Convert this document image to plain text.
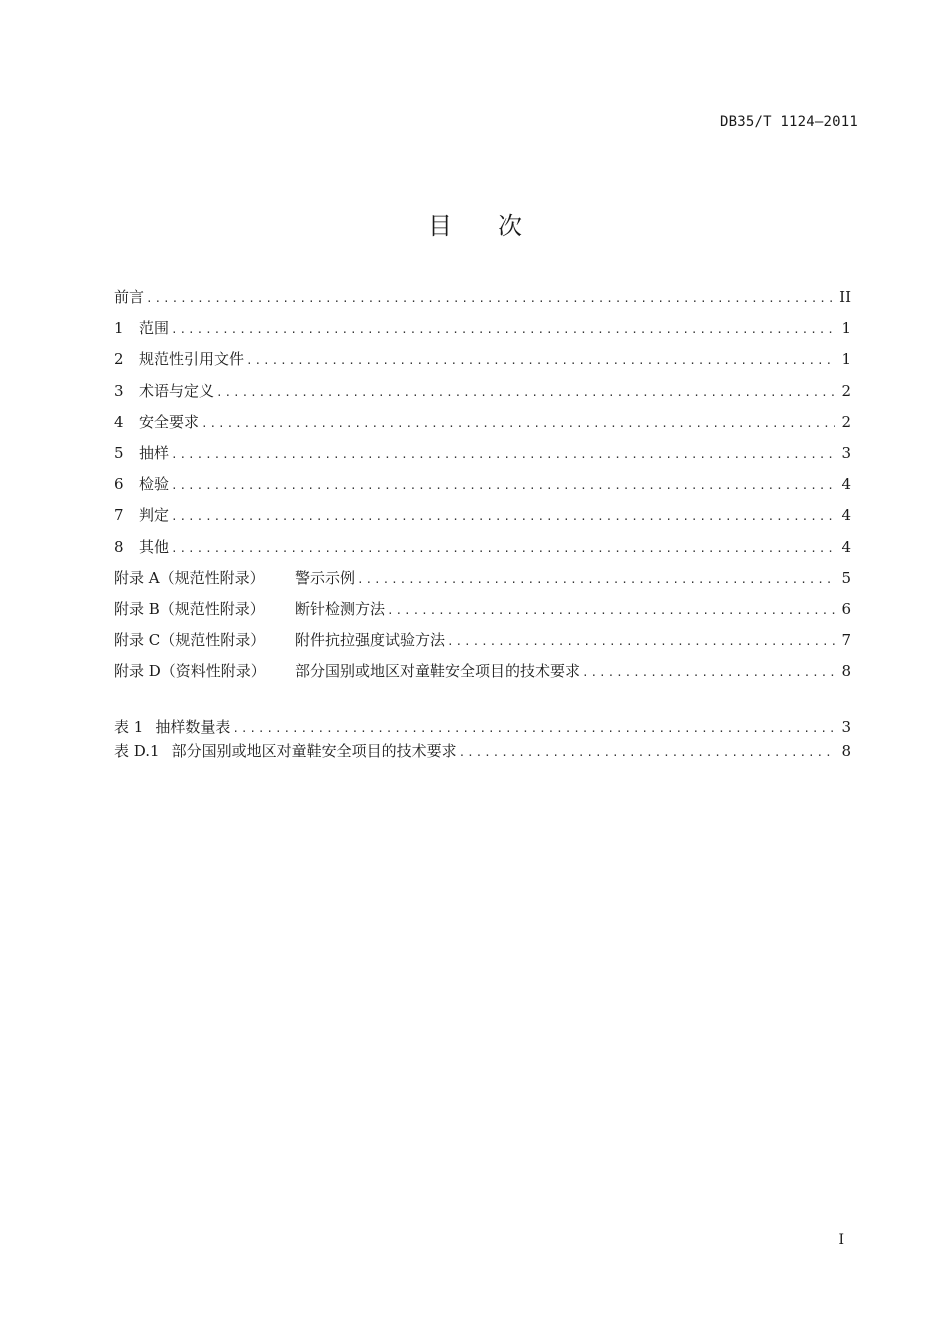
DB35/T 1124—2011
目 次
前言 .....	II
1	范围 .....	1
2	规范性引用文件 .....	1
3	术语与定义 .....	2
4	安全要求 .....	2
5	抽样 .....	3
6	检验 .....	4
7	判定 .....	4
8	其他 .....	4
附录 A（规范性附录）	警示示例 .....	5
附录 B（规范性附录）	断针检测方法 .....	6
附录 C（规范性附录）	附件抗拉强度试验方法 .....	7
附录 D（资料性附录）	部分国别或地区对童鞋安全项目的技术要求 .....	8
表 1 抽样数量表 .....	3
表 D.1 部分国别或地区对童鞋安全项目的技术要求 .....	8
I
